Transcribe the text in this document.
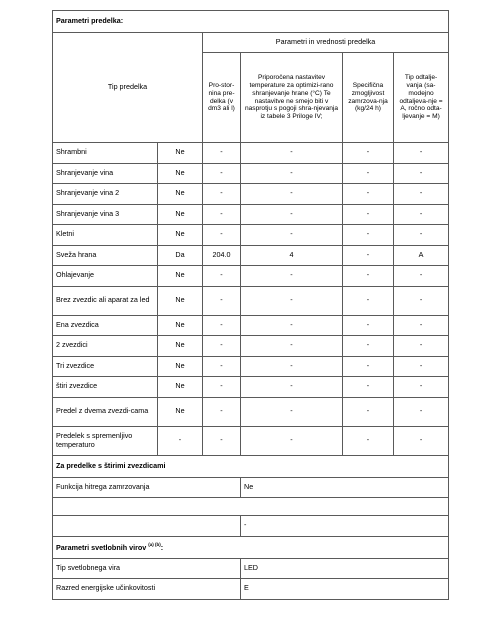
Parametri predelka:					
Tip predelka		Parametri in vrednosti predelka			
		Pro-stor-nina pre-delka (v dm3 ali l)	Priporočena nastavitev temperature za optimizi-rano shranjevanje hrane (°C) Te nastavitve ne smejo biti v nasprotju s pogoji shra-njevanja iz tabele 3 Priloge IV;	Specifična zmogljivost zamrzova-nja (kg/24 h)	Tip odtalje-vanja (sa-modejno odtaljeva-nje = A, ročno odta-ljevanje = M)
Shrambni	Ne	-	-	-	-
Shranjevanje vina	Ne	-	-	-	-
Shranjevanje vina 2	Ne	-	-	-	-
Shranjevanje vina 3	Ne	-	-	-	-
Kletni	Ne	-	-	-	-
Sveža hrana	Da	204.0	4	-	A
Ohlajevanje	Ne	-	-	-	-
Brez zvezdic ali aparat za led	Ne	-	-	-	-
Ena zvezdica	Ne	-	-	-	-
2 zvezdici	Ne	-	-	-	-
Tri zvezdice	Ne	-	-	-	-
štiri zvezdice	Ne	-	-	-	-
Predel z dvema zvezdi-cama	Ne	-	-	-	-
Predelek s spremenljivo temperaturo	-	-	-	-	-
Za predelke s štirimi zvezdicami					
Funkcija hitrega zamrzovanja			Ne		

			-		
Parametri svetlobnih virov $^{(a) (b)}$:					
Tip svetlobnega vira			LED		
Razred energijske učinkovitosti			E		
